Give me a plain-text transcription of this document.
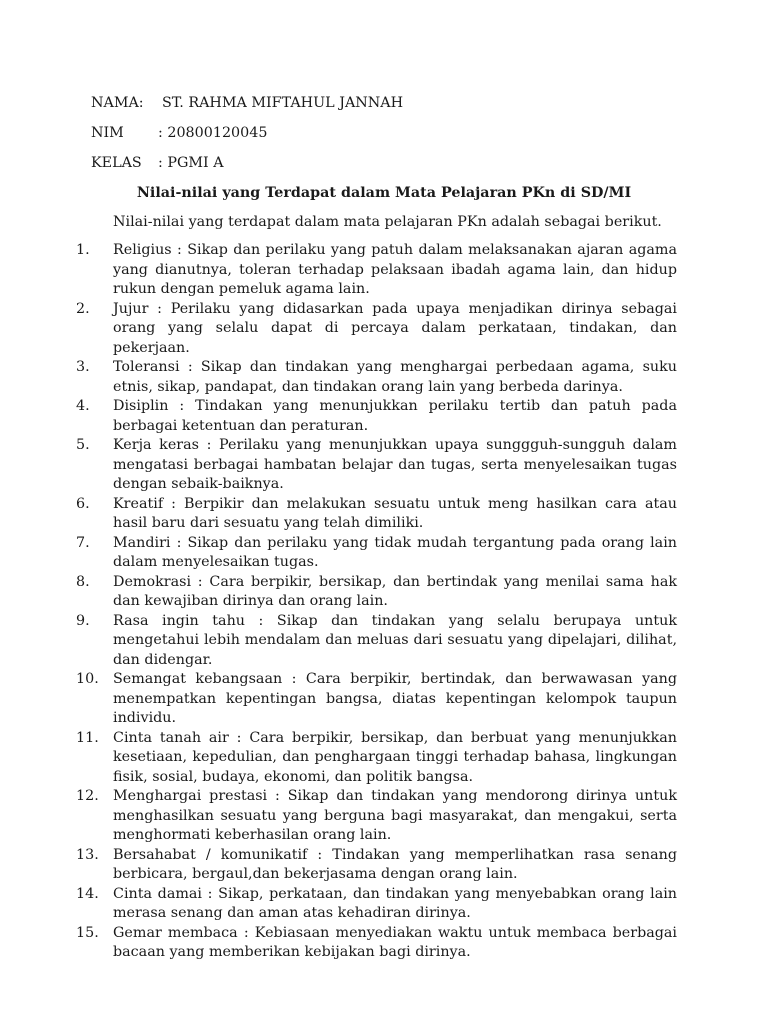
NAMA: ST. RAHMA MIFTAHUL JANNAH
NIM : 20800120045
KELAS : PGMI A
Nilai-nilai yang Terdapat dalam Mata Pelajaran PKn di SD/MI
Nilai-nilai yang terdapat dalam mata pelajaran PKn adalah sebagai berikut.
1.	Religius : Sikap dan perilaku yang patuh dalam melaksanakan ajaran agama yang dianutnya, toleran terhadap pelaksaan ibadah agama lain, dan hidup rukun dengan pemeluk agama lain.
2.	Jujur : Perilaku yang didasarkan pada upaya menjadikan dirinya sebagai orang yang selalu dapat di percaya dalam perkataan, tindakan, dan pekerjaan.
3.	Toleransi : Sikap dan tindakan yang menghargai perbedaan agama, suku etnis, sikap, pandapat, dan tindakan orang lain yang berbeda darinya.
4.	Disiplin : Tindakan yang menunjukkan perilaku tertib dan patuh pada berbagai ketentuan dan peraturan.
5.	Kerja keras : Perilaku yang menunjukkan upaya sunggguh-sungguh dalam mengatasi berbagai hambatan belajar dan tugas, serta menyelesaikan tugas dengan sebaik-baiknya.
6.	Kreatif : Berpikir dan melakukan sesuatu untuk meng hasilkan cara atau hasil baru dari sesuatu yang telah dimiliki.
7.	Mandiri : Sikap dan perilaku yang tidak mudah tergantung pada orang lain dalam menyelesaikan tugas.
8.	Demokrasi : Cara berpikir, bersikap, dan bertindak yang menilai sama hak dan kewajiban dirinya dan orang lain.
9.	Rasa ingin tahu : Sikap dan tindakan yang selalu berupaya untuk mengetahui lebih mendalam dan meluas dari sesuatu yang dipelajari, dilihat, dan didengar.
10. Semangat kebangsaan : Cara berpikir, bertindak, dan berwawasan yang menempatkan kepentingan bangsa, diatas kepentingan kelompok taupun individu.
11. Cinta tanah air : Cara berpikir, bersikap, dan berbuat yang menunjukkan kesetiaan, kepedulian, dan penghargaan tinggi terhadap bahasa, lingkungan fisik, sosial, budaya, ekonomi, dan politik bangsa.
12. Menghargai prestasi : Sikap dan tindakan yang mendorong dirinya untuk menghasilkan sesuatu yang berguna bagi masyarakat, dan mengakui, serta menghormati keberhasilan orang lain.
13. Bersahabat / komunikatif : Tindakan yang memperlihatkan rasa senang berbicara, bergaul,dan bekerjasama dengan orang lain.
14. Cinta damai : Sikap, perkataan, dan tindakan yang menyebabkan orang lain merasa senang dan aman atas kehadiran dirinya.
15. Gemar membaca : Kebiasaan menyediakan waktu untuk membaca berbagai bacaan yang memberikan kebijakan bagi dirinya.
